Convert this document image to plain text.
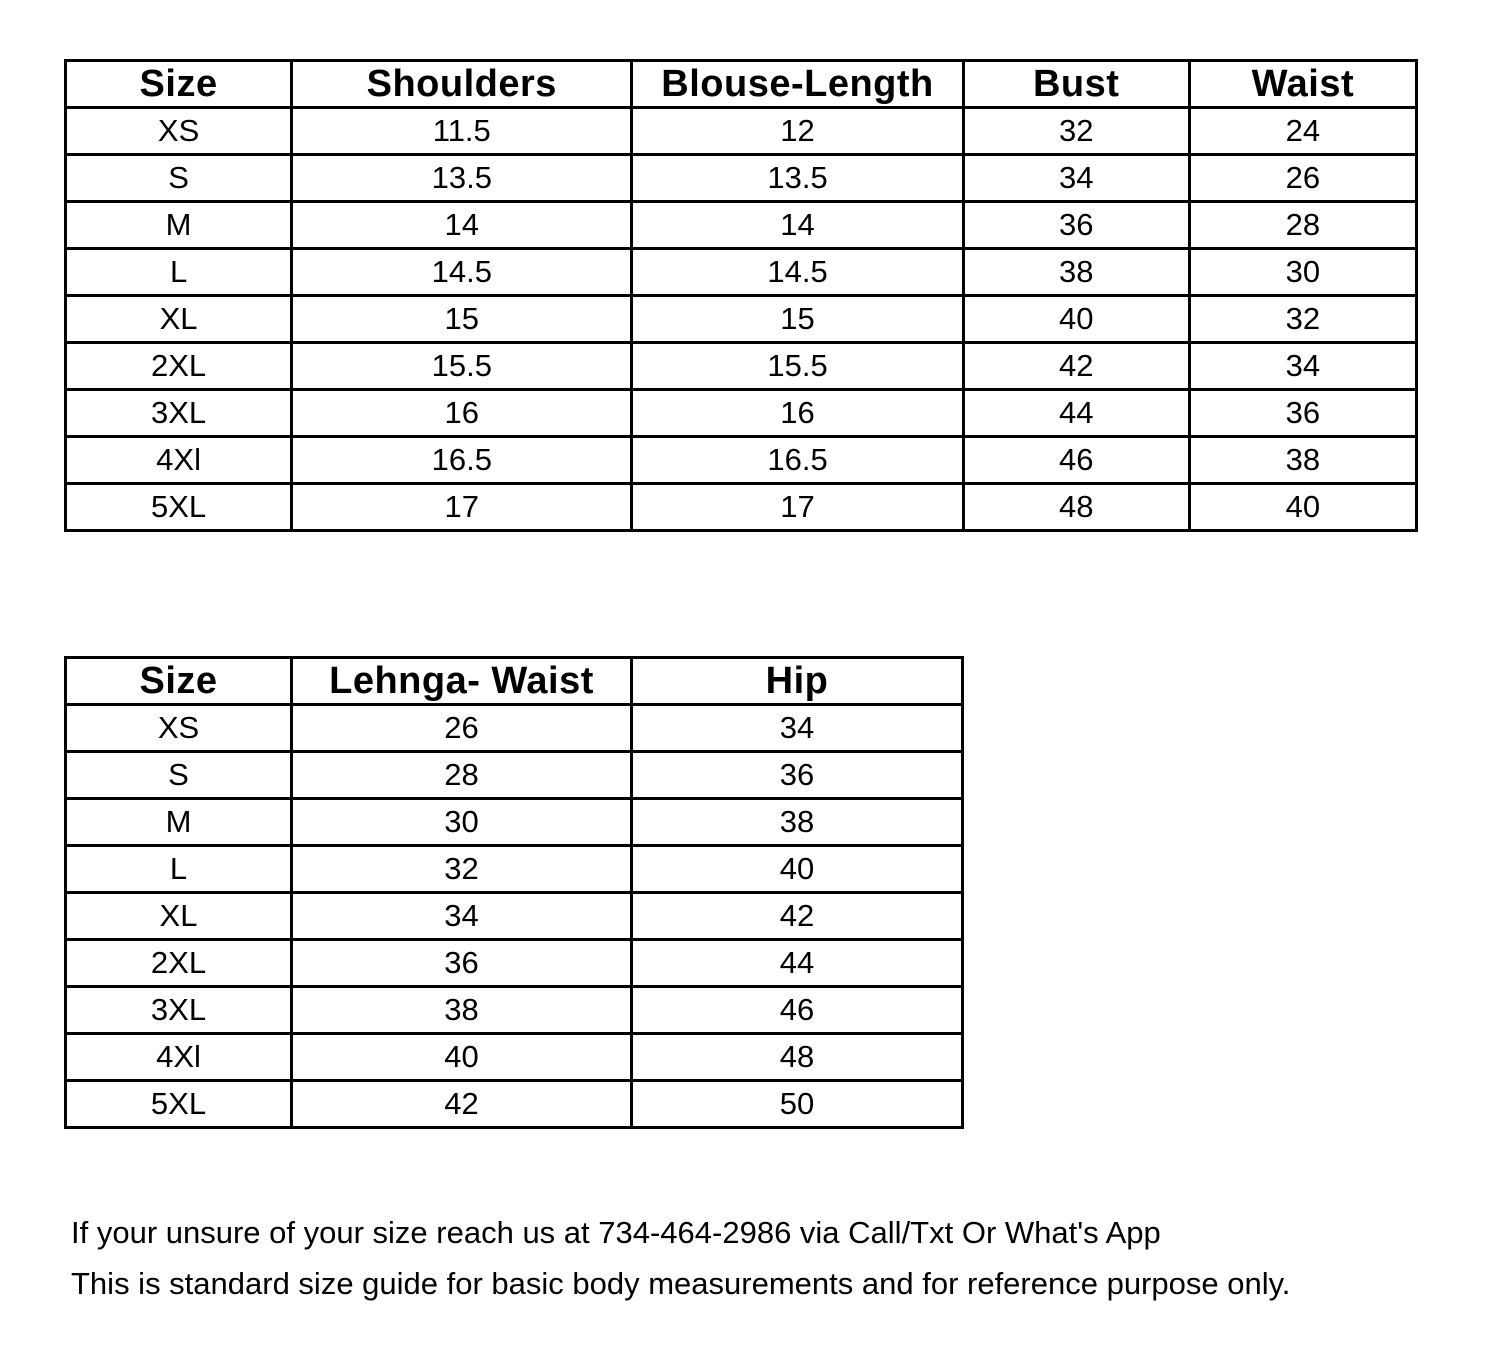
Size	Shoulders	Blouse-Length	Bust	Waist
XS	11.5	12	32	24
S	13.5	13.5	34	26
M	14	14	36	28
L	14.5	14.5	38	30
XL	15	15	40	32
2XL	15.5	15.5	42	34
3XL	16	16	44	36
4Xl	16.5	16.5	46	38
5XL	17	17	48	40
Size	Lehnga- Waist	Hip
XS	26	34
S	28	36
M	30	38
L	32	40
XL	34	42
2XL	36	44
3XL	38	46
4Xl	40	48
5XL	42	50
If your unsure of your size reach us at 734-464-2986 via Call/Txt Or What's App
This is standard size guide for basic body measurements and for reference purpose only.
